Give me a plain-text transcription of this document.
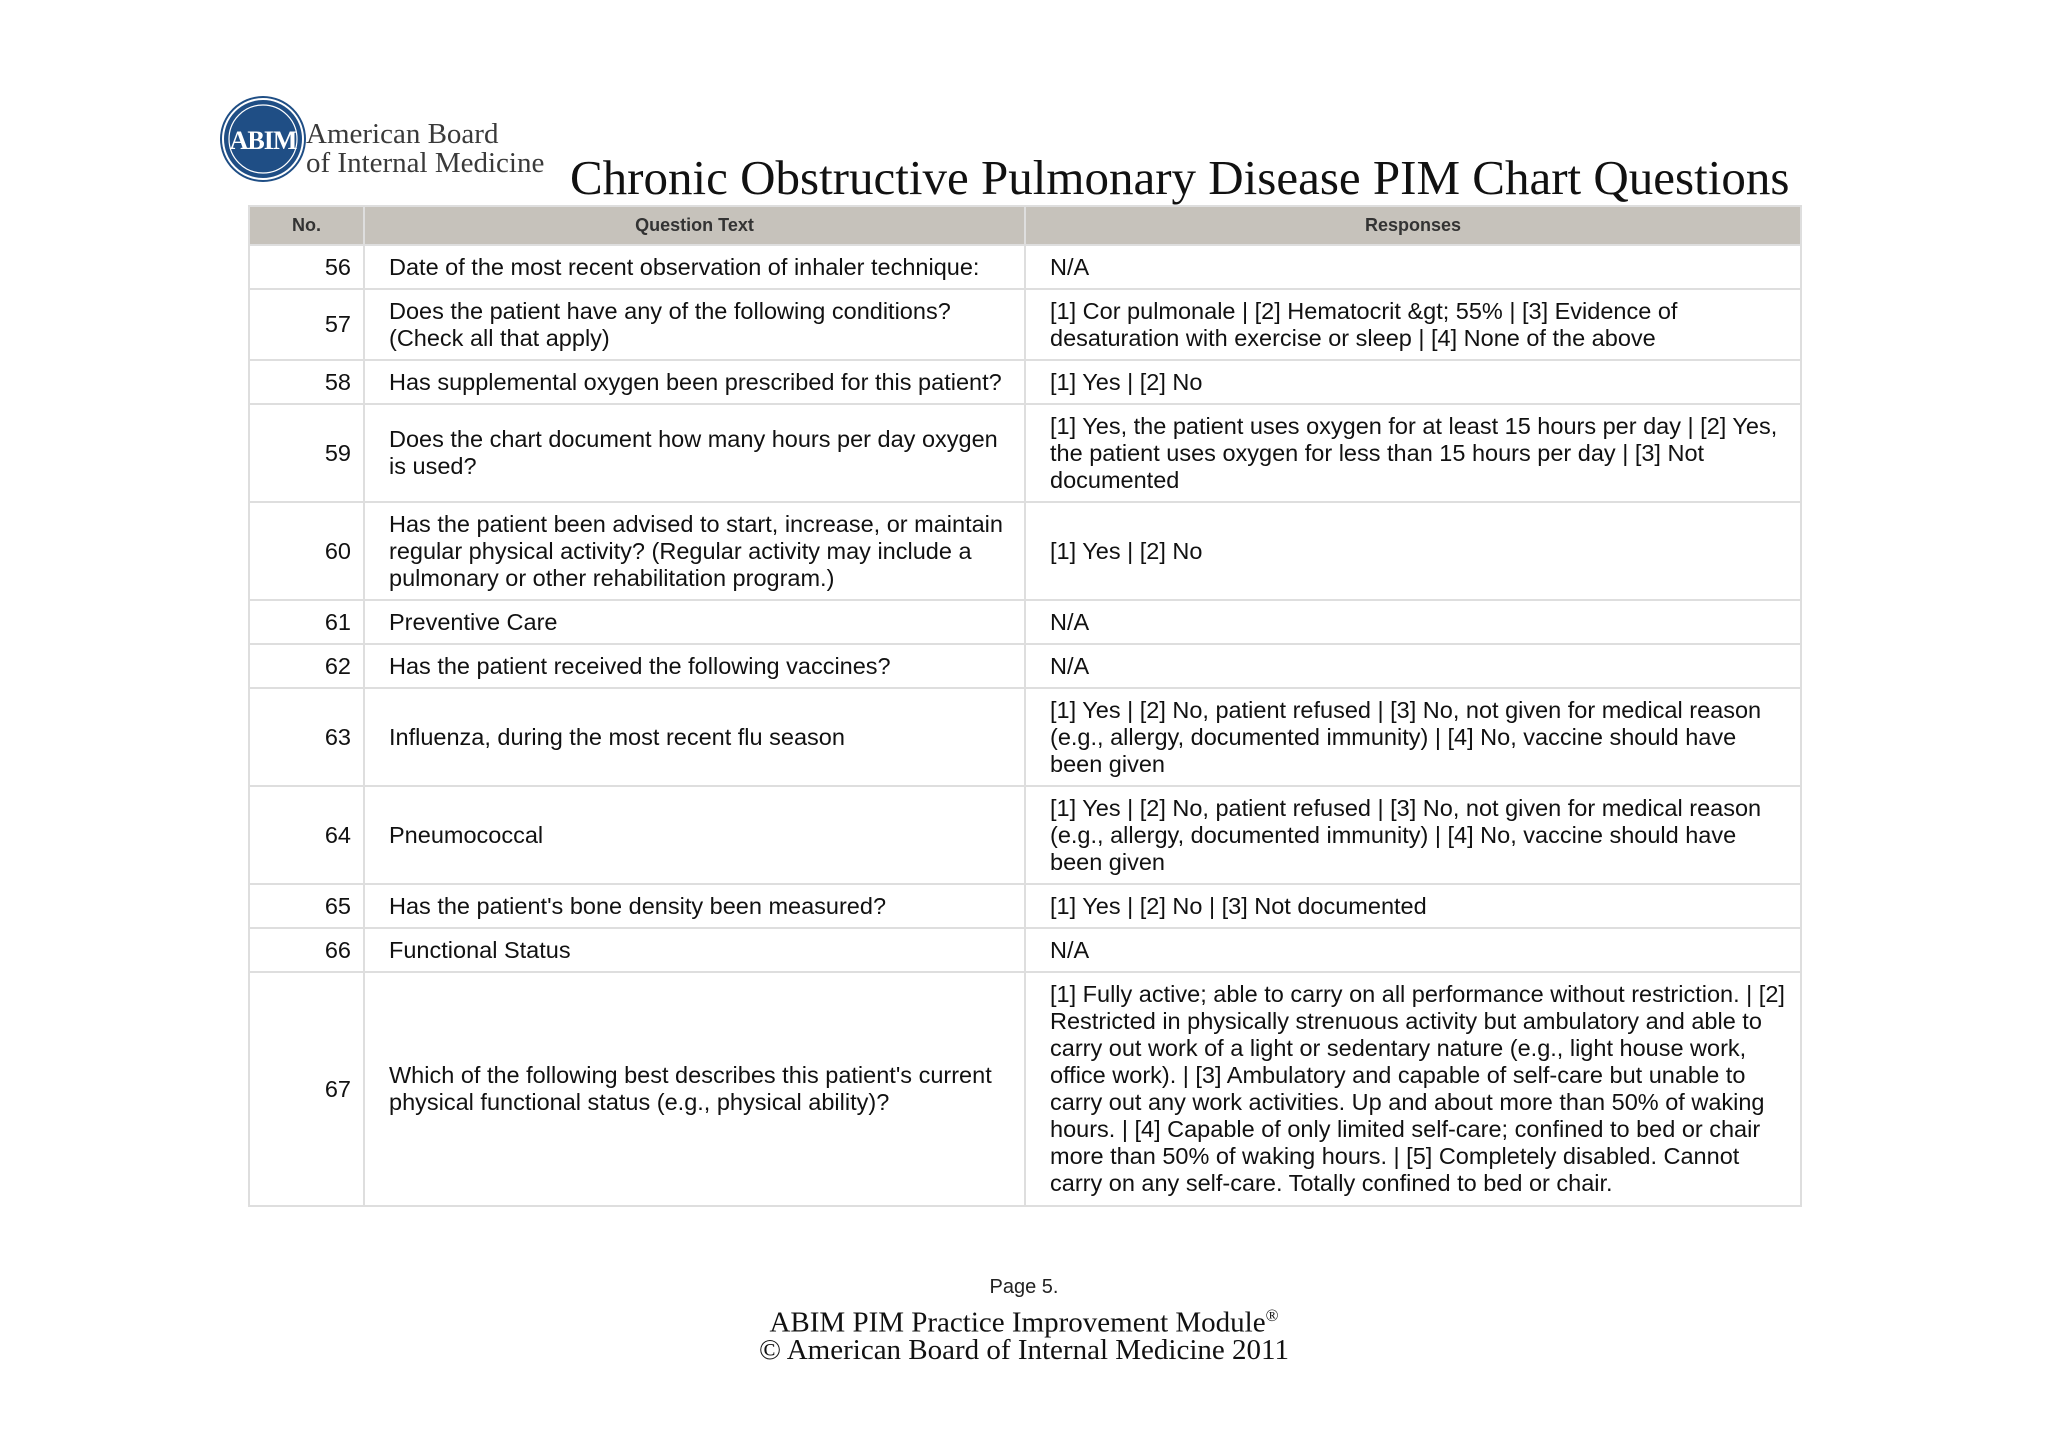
ABIM American Board
of Internal Medicine Chronic Obstructive Pulmonary Disease PIM Chart Questions
No.	Question Text	Responses
56	Date of the most recent observation of inhaler technique:	N/A
57	Does the patient have any of the following conditions? (Check all that apply)	[1] Cor pulmonale | [2] Hematocrit &gt; 55% | [3] Evidence of desaturation with exercise or sleep | [4] None of the above
58	Has supplemental oxygen been prescribed for this patient?	[1] Yes | [2] No
59	Does the chart document how many hours per day oxygen is used?	[1] Yes, the patient uses oxygen for at least 15 hours per day | [2] Yes, the patient uses oxygen for less than 15 hours per day | [3] Not documented
60	Has the patient been advised to start, increase, or maintain regular physical activity? (Regular activity may include a pulmonary or other rehabilitation program.)	[1] Yes | [2] No
61	Preventive Care	N/A
62	Has the patient received the following vaccines?	N/A
63	Influenza, during the most recent flu season	[1] Yes | [2] No, patient refused | [3] No, not given for medical reason (e.g., allergy, documented immunity) | [4] No, vaccine should have been given
64	Pneumococcal	[1] Yes | [2] No, patient refused | [3] No, not given for medical reason (e.g., allergy, documented immunity) | [4] No, vaccine should have been given
65	Has the patient's bone density been measured?	[1] Yes | [2] No | [3] Not documented
66	Functional Status	N/A
67	Which of the following best describes this patient's current physical functional status (e.g., physical ability)?	[1] Fully active; able to carry on all performance without restriction. | [2] Restricted in physically strenuous activity but ambulatory and able to carry out work of a light or sedentary nature (e.g., light house work, office work). | [3] Ambulatory and capable of self-care but unable to carry out any work activities. Up and about more than 50% of waking hours. | [4] Capable of only limited self-care; confined to bed or chair more than 50% of waking hours. | [5] Completely disabled. Cannot carry on any self-care. Totally confined to bed or chair.
Page 5.
ABIM PIM Practice Improvement Module®
© American Board of Internal Medicine 2011
